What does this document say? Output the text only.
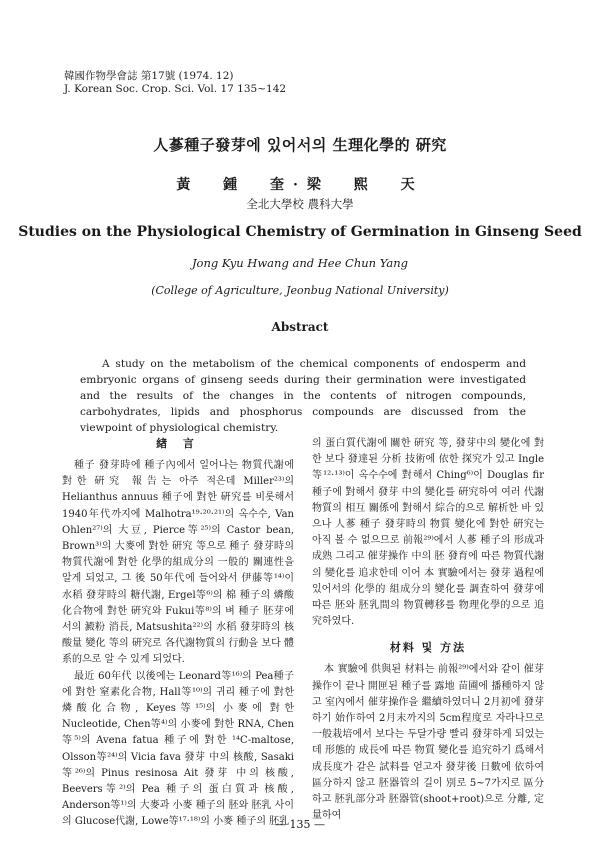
韓國作物學會誌 第17號 (1974. 12)
J. Korean Soc. Crop. Sci. Vol. 17 135~142
人蔘種子發芽에 있어서의 生理化學的 硏究
黃 鍾 奎·梁 熙 天
全北大學校 農科大學
Studies on the Physiological Chemistry of Germination in Ginseng Seed
Jong Kyu Hwang and Hee Chun Yang
(College of Agriculture, Jeonbug National University)
Abstract

A study on the metabolism of the chemical components of endosperm and embryonic organs of ginseng seeds during their germination were investigated and the results of the changes in the contents of nitrogen compounds, carbohydrates, lipids and phosphorus compounds are discussed from the viewpoint of physiological chemistry.

緖 言

種子 發芽時에 種子內에서 일어나는 物質代謝에 對한 硏究 報告는 아주 적은데 Miller²³⁾의 Helianthus annuus 種子에 對한 硏究를 비롯해서 1940年代까지에 Malhotra¹⁹·²⁰·²¹⁾의 옥수수, Van Ohlen²⁷⁾의 大豆, Pierce等²⁵⁾의 Castor bean, Brown³⁾의 大麥에 對한 硏究 等으로 種子 發芽時의 物質代謝에 對한 化學的組成分의 一般的 關連性을 알게 되었고, 그 後 50年代에 들어와서 伊藤等¹⁴⁾이 水稻 發芽時의 糖代謝, Ergel等⁶⁾의 棉 種子의 燐酸化合物에 對한 硏究와 Fukui等⁸⁾의 벼 種子 胚芽에서의 澱粉 消長, Matsushita²²⁾의 水稻 發芽時의 核酸量 變化 等의 硏究로 各代謝物質의 行動을 보다 體系的으로 알 수 있게 되었다.

最近 60年代 以後에는 Leonard等¹⁶⁾의 Pea種子에 對한 窒素化合物, Hall等¹⁰⁾의 귀리 種子에 對한 燐酸化合物, Keyes等¹⁵⁾의 小麥에 對한 Nucleotide, Chen等⁴⁾의 小麥에 對한 RNA, Chen等⁵⁾의 Avena fatua 種子에 對한 ¹⁴C-maltose, Olsson等²⁴⁾의 Vicia fava 發芽 中의 核酸, Sasaki等²⁶⁾의 Pinus resinosa Ait 發芽 中의 核酸, Beevers等²⁾의 Pea 種子의 蛋白質과 核酸, Anderson等¹⁾의 大麥과 小麥 種子의 胚와 胚乳 사이의 Glucose代謝, Lowe等¹⁷·¹⁸⁾의 小麥 種子의 胚乳

의 蛋白質代謝에 關한 硏究 等, 發芽中의 變化에 對한 보다 發達된 分析 技術에 依한 探究가 있고 Ingle等¹²·¹³⁾이 옥수수에 對해서 Ching⁶⁾이 Douglas fir 種子에 對해서 發芽 中의 變化를 硏究하여 여러 代謝物質의 相互 關係에 對해서 綜合的으로 解析한 바 있으나 人蔘 種子 發芽時의 物質 變化에 對한 硏究는 아직 볼 수 없으므로 前報²⁹⁾에서 人蔘 種子의 形成과 成熟 그리고 催芽操作 中의 胚 發育에 따른 物質代謝의 變化를 追求한데 이어 本 實驗에서는 發芽 過程에 있어서의 化學的 組成分의 變化를 調査하여 發芽에 따른 胚와 胚乳間의 物質轉移를 物理化學的으로 追究하였다.

材料 및 方法

本 實驗에 供與된 材料는 前報²⁹⁾에서와 같이 催芽操作이 끝나 開匣된 種子를 露地 苗圃에 播種하지 않고 室內에서 催芽操作을 繼續하였더니 2月初에 發芽하기 始作하여 2月末까지의 5cm程度로 자라나므로 一般栽培에서 보다는 두달가량 빨리 發芽하게 되었는데 形態的 成長에 따른 物質 變化를 追究하기 爲해서 成長度가 같은 試料를 얻고자 發芽後 日數에 依하여 區分하지 않고 胚器管의 길이 別로 5~7가지로 區分하고 胚乳部分과 胚器管(shoot+root)으로 分離, 定量하여

— 135 —
